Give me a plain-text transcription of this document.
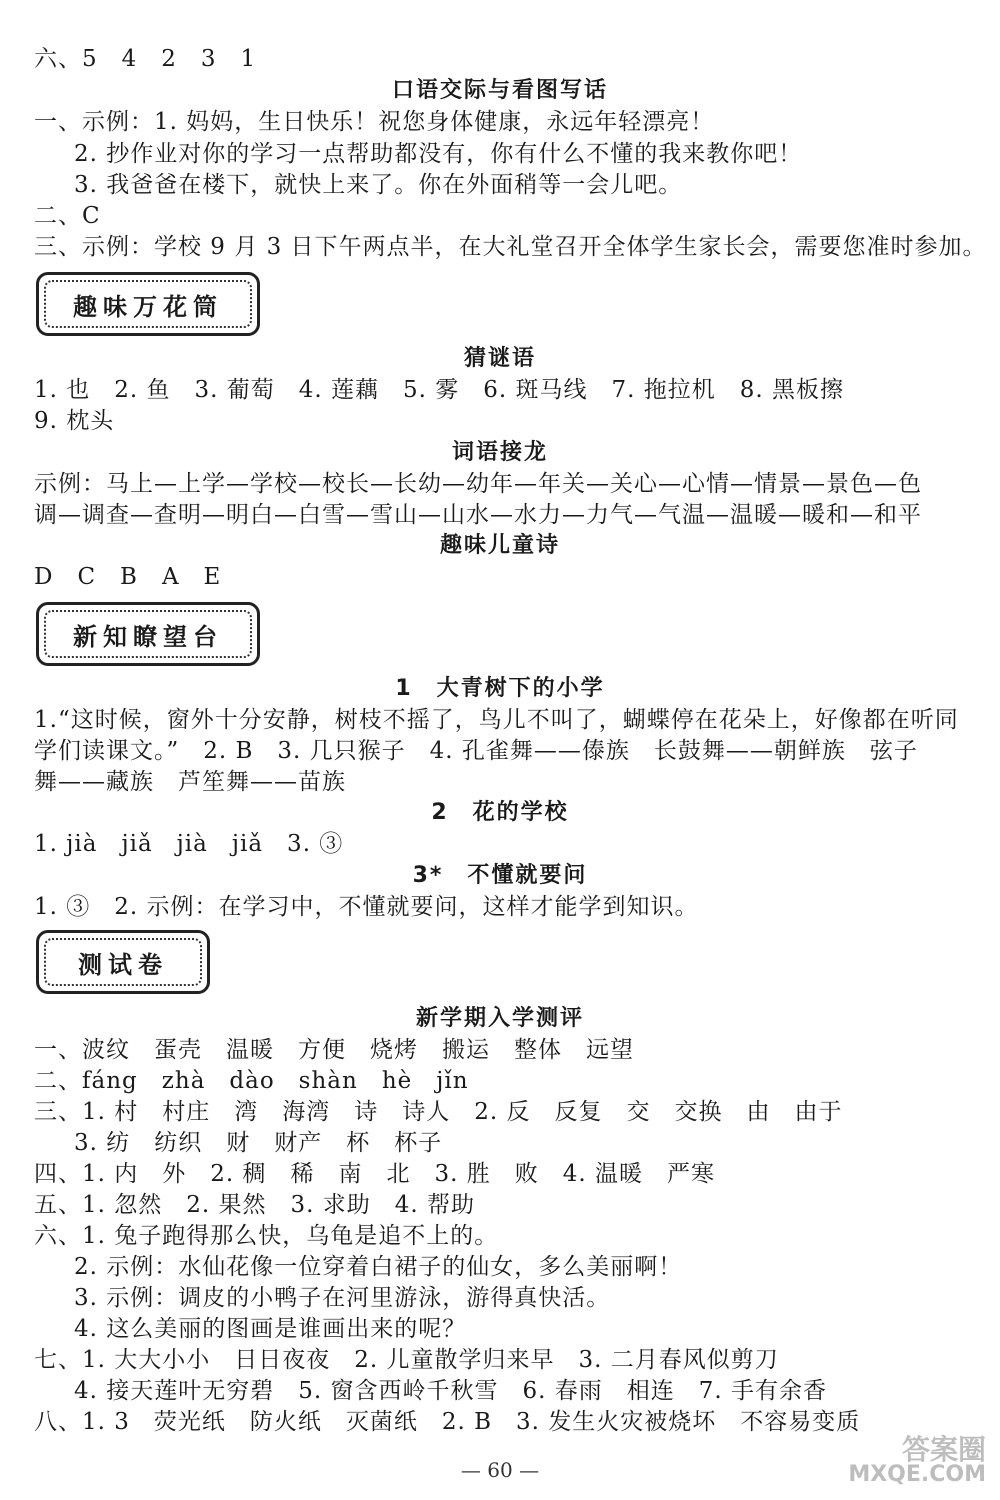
六、5　4　2　3　1
口语交际与看图写话
一、示例：1. 妈妈，生日快乐！祝您身体健康，永远年轻漂亮！
2. 抄作业对你的学习一点帮助都没有，你有什么不懂的我来教你吧！
3. 我爸爸在楼下，就快上来了。你在外面稍等一会儿吧。
二、C
三、示例：学校 9 月 3 日下午两点半，在大礼堂召开全体学生家长会，需要您准时参加。
趣味万花筒
猜谜语
1. 也　2. 鱼　3. 葡萄　4. 莲藕　5. 雾　6. 斑马线　7. 拖拉机　8. 黑板擦
9. 枕头
词语接龙
示例：马上—上学—学校—校长—长幼—幼年—年关—关心—心情—情景—景色—色
调—调查—查明—明白—白雪—雪山—山水—水力—力气—气温—温暖—暖和—和平
趣味儿童诗
D　C　B　A　E
新知瞭望台
1　大青树下的小学
1.“这时候，窗外十分安静，树枝不摇了，鸟儿不叫了，蝴蝶停在花朵上，好像都在听同
学们读课文。”　2. B　3. 几只猴子　4. 孔雀舞——傣族　长鼓舞——朝鲜族　弦子
舞——藏族　芦笙舞——苗族
2　花的学校
1. jià　jiǎ　jià　jiǎ　3. ③
3*　不懂就要问
1. ③　2. 示例：在学习中，不懂就要问，这样才能学到知识。
测试卷
新学期入学测评
一、波纹　蛋壳　温暖　方便　烧烤　搬运　整体　远望
二、fáng　zhà　dào　shàn　hè　jǐn
三、1. 村　村庄　湾　海湾　诗　诗人　2. 反　反复　交　交换　由　由于
3. 纺　纺织　财　财产　杯　杯子
四、1. 内　外　2. 稠　稀　南　北　3. 胜　败　4. 温暖　严寒
五、1. 忽然　2. 果然　3. 求助　4. 帮助
六、1. 兔子跑得那么快，乌龟是追不上的。
2. 示例：水仙花像一位穿着白裙子的仙女，多么美丽啊！
3. 示例：调皮的小鸭子在河里游泳，游得真快活。
4. 这么美丽的图画是谁画出来的呢？
七、1. 大大小小　日日夜夜　2. 儿童散学归来早　3. 二月春风似剪刀
4. 接天莲叶无穷碧　5. 窗含西岭千秋雪　6. 春雨　相连　7. 手有余香
八、1. 3　荧光纸　防火纸　灭菌纸　2. B　3. 发生火灾被烧坏　不容易变质
— 60 —
答案圈
MXQE.COM
